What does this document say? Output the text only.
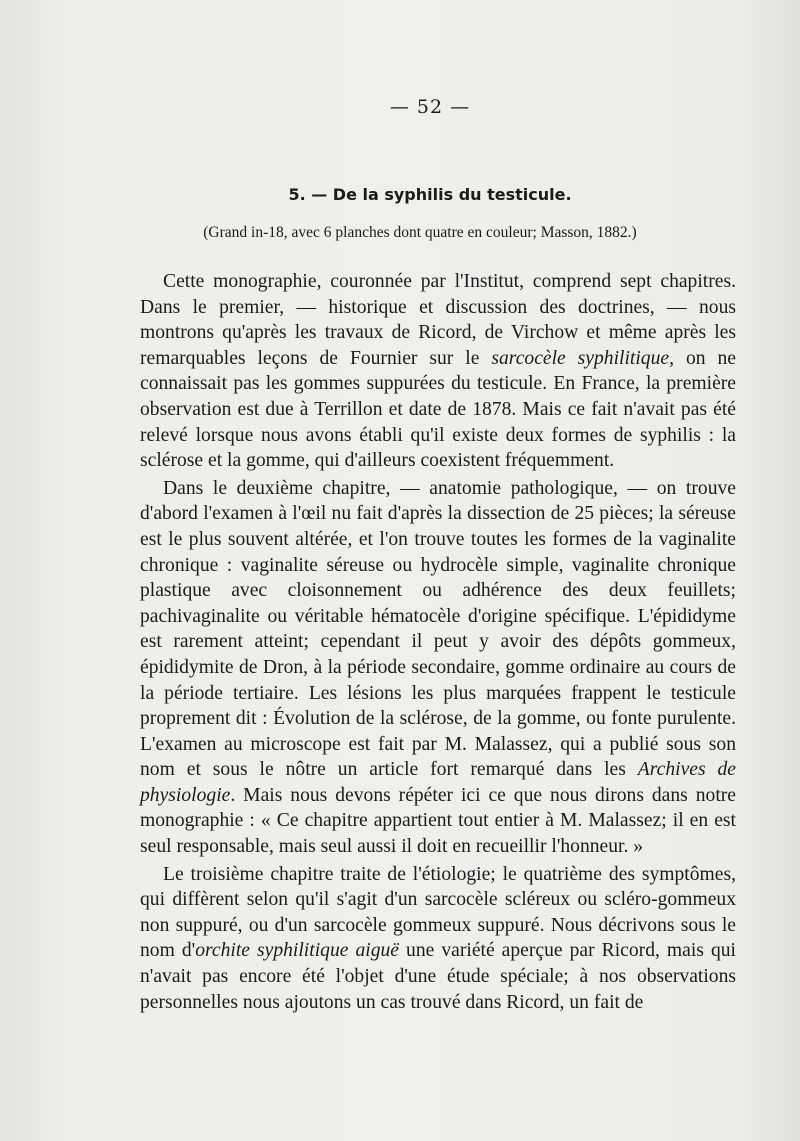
— 52 —
5. — De la syphilis du testicule.
(Grand in-18, avec 6 planches dont quatre en couleur; Masson, 1882.)

Cette monographie, couronnée par l'Institut, comprend sept chapitres. Dans le premier, — historique et discussion des doctrines, — nous montrons qu'après les travaux de Ricord, de Virchow et même après les remarquables leçons de Fournier sur le sarcocèle syphilitique, on ne connaissait pas les gommes suppurées du testicule. En France, la première observation est due à Terrillon et date de 1878. Mais ce fait n'avait pas été relevé lorsque nous avons établi qu'il existe deux formes de syphilis : la sclérose et la gomme, qui d'ailleurs coexistent fréquemment.

Dans le deuxième chapitre, — anatomie pathologique, — on trouve d'abord l'examen à l'œil nu fait d'après la dissection de 25 pièces; la séreuse est le plus souvent altérée, et l'on trouve toutes les formes de la vaginalite chronique : vaginalite séreuse ou hydrocèle simple, vaginalite chronique plastique avec cloisonnement ou adhérence des deux feuillets; pachivaginalite ou véritable hématocèle d'origine spécifique. L'épididyme est rarement atteint; cependant il peut y avoir des dépôts gommeux, épididymite de Dron, à la période secondaire, gomme ordinaire au cours de la période tertiaire. Les lésions les plus marquées frappent le testicule proprement dit : Évolution de la sclérose, de la gomme, ou fonte purulente. L'examen au microscope est fait par M. Malassez, qui a publié sous son nom et sous le nôtre un article fort remarqué dans les Archives de physiologie. Mais nous devons répéter ici ce que nous dirons dans notre monographie : « Ce chapitre appartient tout entier à M. Malassez; il en est seul responsable, mais seul aussi il doit en recueillir l'honneur. »

Le troisième chapitre traite de l'étiologie; le quatrième des symptômes, qui diffèrent selon qu'il s'agit d'un sarcocèle scléreux ou scléro-gommeux non suppuré, ou d'un sarcocèle gommeux suppuré. Nous décrivons sous le nom d'orchite syphilitique aiguë une variété aperçue par Ricord, mais qui n'avait pas encore été l'objet d'une étude spéciale; à nos observations personnelles nous ajoutons un cas trouvé dans Ricord, un fait de
